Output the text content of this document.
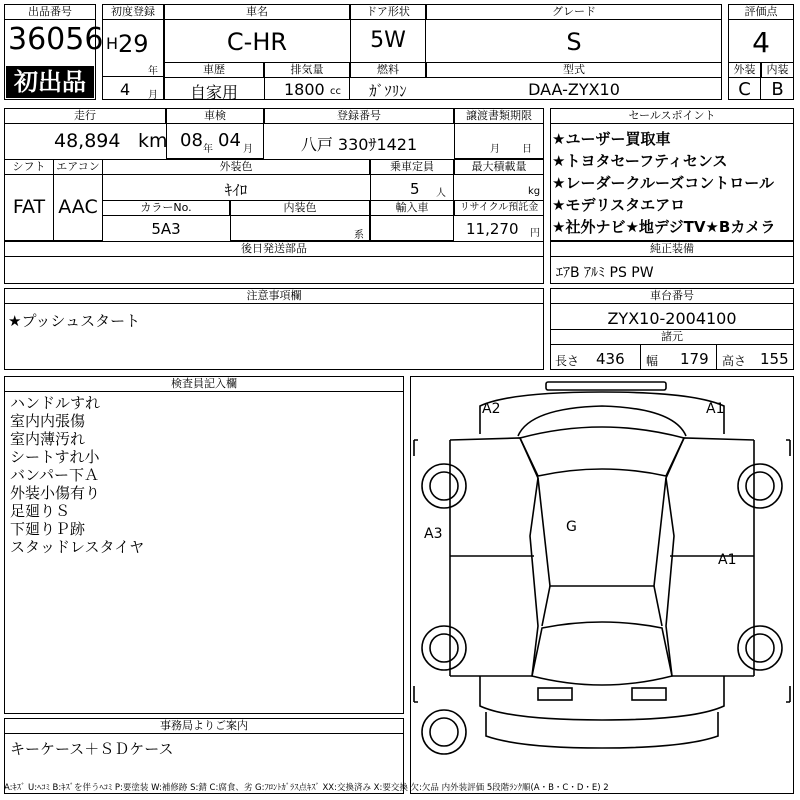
出品番号
36056
初出品
初度登録
H 29
年
4 月
車名
C-HR
ドア形状
5W
グレード
S
車歴
自家用
排気量
1800 cc
燃料
ｶﾞｿﾘﾝ
型式
DAA-ZYX10
評価点
4
外装	内装
C	B
走行
48,894 km
車検
08 年 04 月
登録番号
八戸 330ｻ1421
譲渡書類期限
月 日
シフト エアコン
FAT AAC
外装色
ｷｲﾛ
乗車定員
5 人
最大積載量
kg
カラーNo.
5A3
内装色
系
輸入車	リサイクル預託金
11,270 円
後日発送部品
セールスポイント
★ユーザー買取車
★トヨタセーフティセンス
★レーダークルーズコントロール
★モデリスタエアロ
★社外ナビ★地デジTV★Bカメラ
純正装備
ｴｱB ｱﾙﾐ PS PW
注意事項欄
★プッシュスタート
車台番号
ZYX10-2004100
諸元
長さ 436 幅 179 高さ 155
検査員記入欄
ハンドルすれ
室内内張傷
室内薄汚れ
シートすれ小
バンパー下Ａ
外装小傷有り
足廻りＳ
下廻りＰ跡
スタッドレスタイヤ
A2	A1
A3	G
A1
事務局よりご案内
キーケース＋ＳＤケース
A:ｷｽﾞ U:ﾍｺﾐ B:ｷｽﾞを伴うﾍｺﾐ P:要塗装 W:補修跡 S:錆 C:腐食、劣 G:ﾌﾛﾝﾄｶﾞﾗｽ点ｷｽﾞ XX:交換済み X:要交換 欠:欠品 内外装評価 5段階ﾗﾝｸ順(A・B・C・D・E) 2
